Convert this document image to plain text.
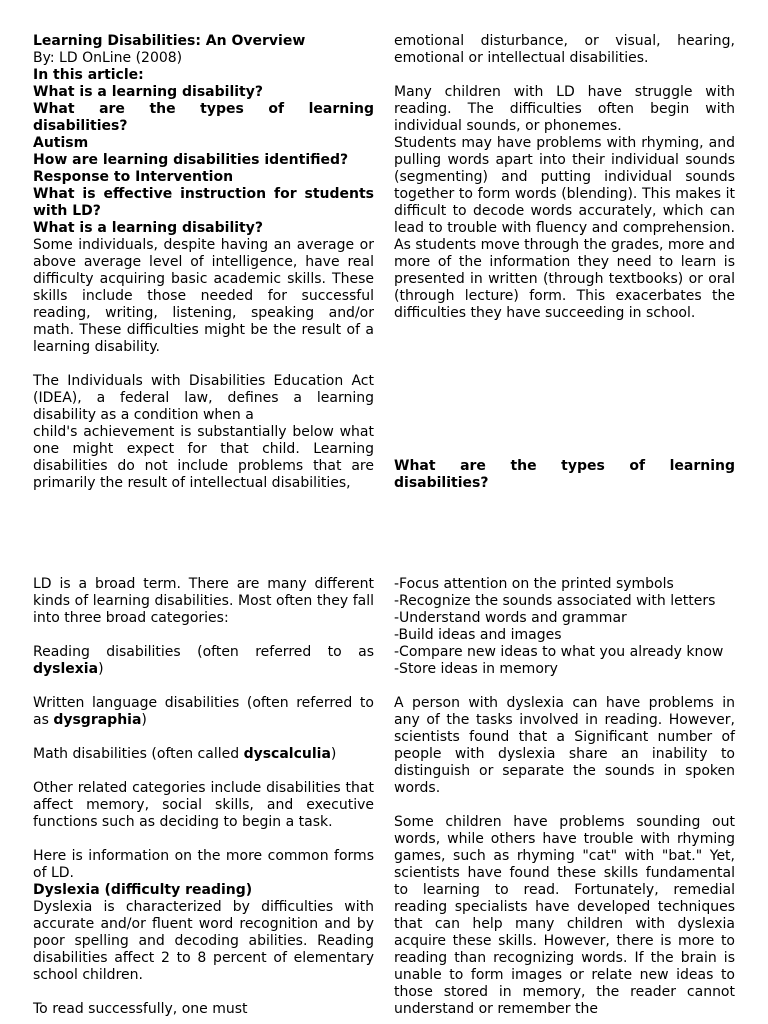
Learning Disabilities: An Overview

By: LD OnLine (2008)

In this article:

What is a learning disability?

What are the types of learning disabilities?

Autism

How are learning disabilities identified?

Response to Intervention

What is effective instruction for students with LD?

What is a learning disability?

Some individuals, despite having an average or above average level of intelligence, have real difficulty acquiring basic academic skills. These skills include those needed for successful reading, writing, listening, speaking and/or math. These difficulties might be the result of a learning disability.

The Individuals with Disabilities Education Act (IDEA), a federal law, defines a learning disability as a condition when a

child's achievement is substantially below what one might expect for that child. Learning disabilities do not include problems that are primarily the result of intellectual disabilities,

emotional disturbance, or visual, hearing, emotional or intellectual disabilities.

Many children with LD have struggle with reading. The difficulties often begin with individual sounds, or phonemes.

Students may have problems with rhyming, and pulling words apart into their individual sounds (segmenting) and putting individual sounds together to form words (blending). This makes it difficult to decode words accurately, which can lead to trouble with fluency and comprehension. As students move through the grades, more and more of the information they need to learn is presented in written (through textbooks) or oral (through lecture) form. This exacerbates the difficulties they have succeeding in school.

What are the types of learning disabilities?

LD is a broad term. There are many different kinds of learning disabilities. Most often they fall into three broad categories:

Reading disabilities (often referred to as dyslexia)

Written language disabilities (often referred to as dysgraphia)

Math disabilities (often called dyscalculia)

Other related categories include disabilities that affect memory, social skills, and executive functions such as deciding to begin a task.

Here is information on the more common forms of LD.

Dyslexia (difficulty reading)

Dyslexia is characterized by difficulties with accurate and/or fluent word recognition and by poor spelling and decoding abilities. Reading disabilities affect 2 to 8 percent of elementary school children.

To read successfully, one must

-Focus attention on the printed symbols

-Recognize the sounds associated with letters

-Understand words and grammar

-Build ideas and images

-Compare new ideas to what you already know

-Store ideas in memory

A person with dyslexia can have problems in any of the tasks involved in reading. However, scientists found that a Significant number of people with dyslexia share an inability to distinguish or separate the sounds in spoken words.

Some children have problems sounding out words, while others have trouble with rhyming games, such as rhyming "cat" with "bat." Yet, scientists have found these skills fundamental to learning to read. Fortunately, remedial reading specialists have developed techniques that can help many children with dyslexia acquire these skills. However, there is more to reading than recognizing words. If the brain is unable to form images or relate new ideas to those stored in memory, the reader cannot understand or remember the
